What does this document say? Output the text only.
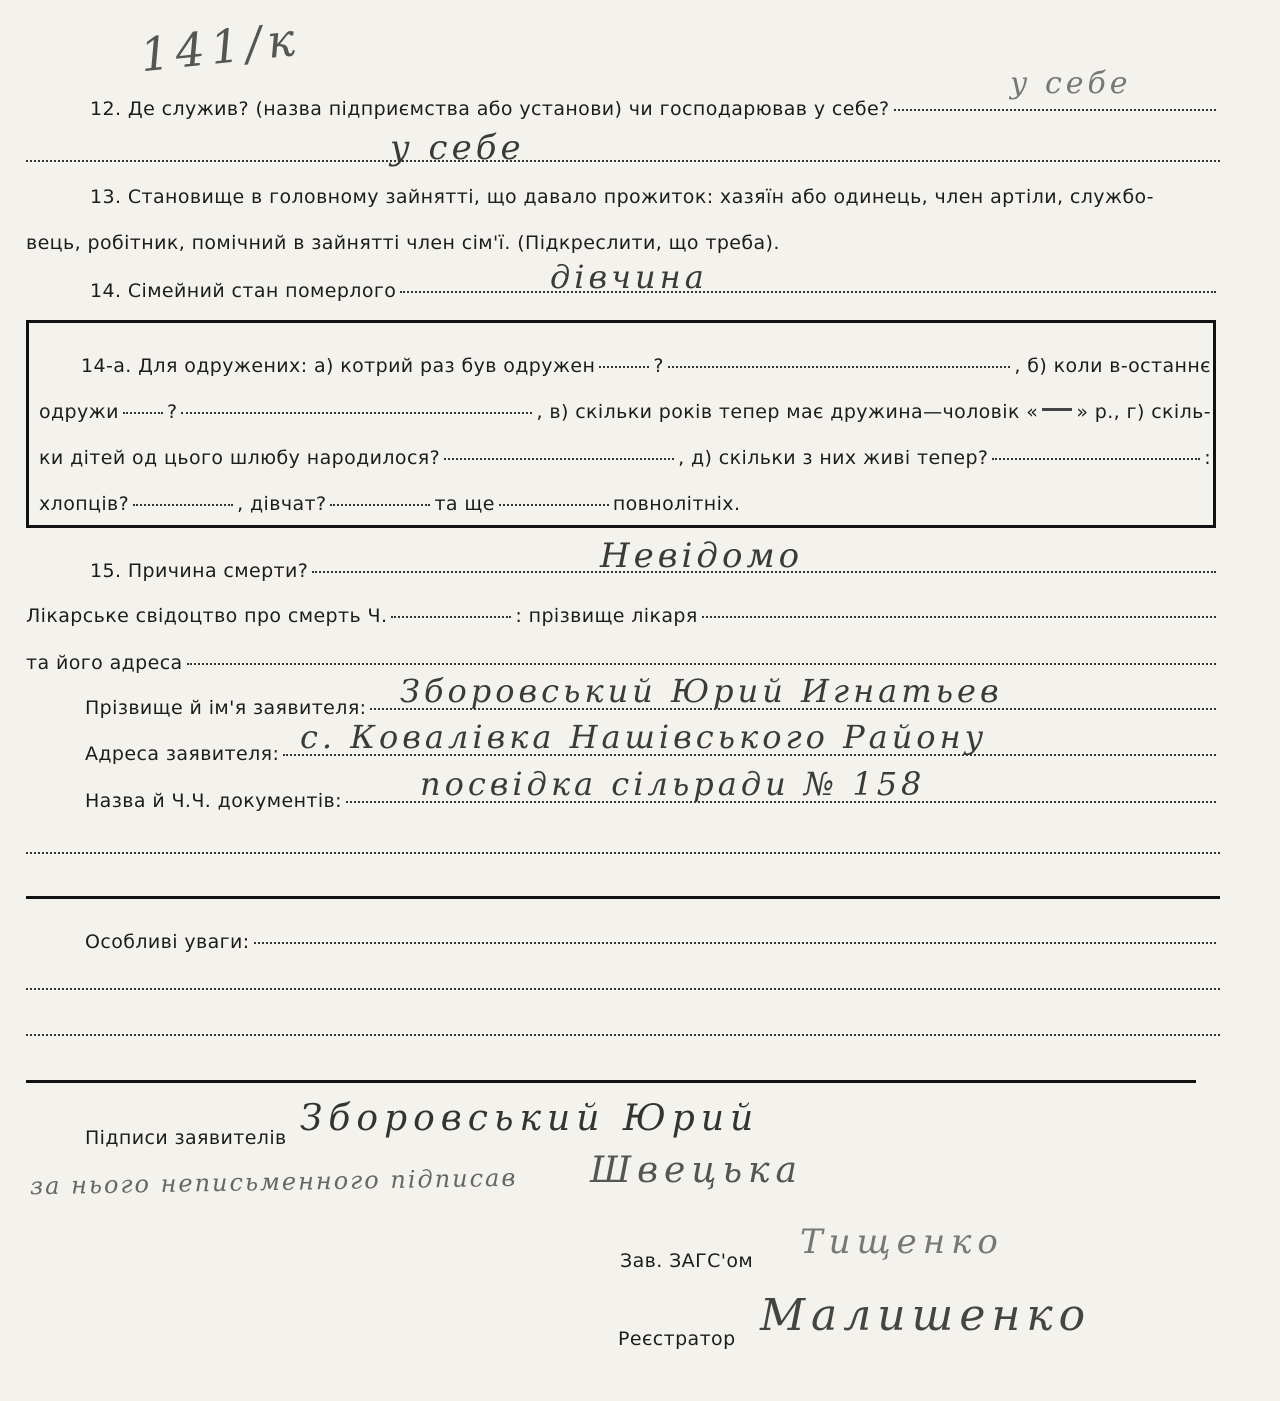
141/к
12. Де служив? (назва підприємства або установи) чи господарював у себе?
у себе
у себе
13. Становище в головному зайнятті, що давало прожиток: хазяїн або одинець, член артіли, службо-
вець, робітник, помічний в зайнятті член сім'ї. (Підкреслити, що треба).
14. Сімейний стан померлого	дівчина
14-а. Для одружених: а) котрий раз був одружен	?	, б) коли в-останнє
одружи	?	, в) скільки років тепер має дружина—чоловік « » р., г) скіль-
ки дітей од цього шлюбу народилося?	, д) скільки з них живі тепер?	:
хлопців?	, дівчат?	та ще	повнолітніх.
15. Причина смерти?	Невідомо
Лікарське свідоцтво про смерть Ч.	: прізвище лікаря
та його адреса
Прізвище й ім'я заявителя: Зборовський Юрий Игнатьев
Адреса заявителя: с. Ковалівка Нашівського Району
Назва й Ч.Ч. документів: посвідка сільради № 158
Особливі уваги:
Підписи заявителів Зборовський Юрий
за нього неписьменного підписав Швецька
Зав. ЗАГС'ом Тищенко
Реєстратор Малишенко
